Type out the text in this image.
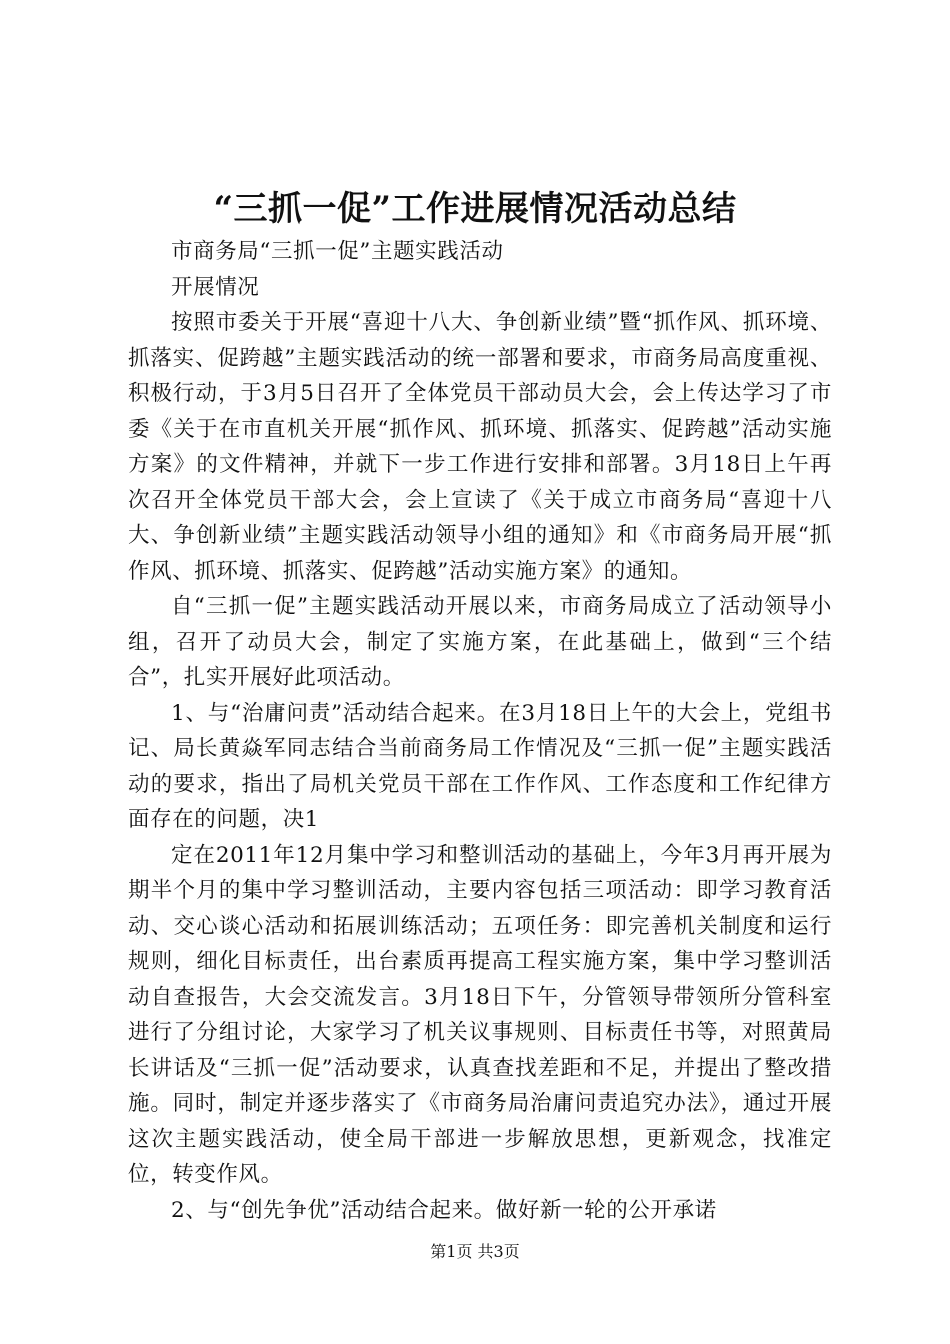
“三抓一促”工作进展情况活动总结

市商务局“三抓一促”主题实践活动

开展情况

按照市委关于开展“喜迎十八大、争创新业绩”暨“抓作风、抓环境、抓落实、促跨越”主题实践活动的统一部署和要求，市商务局高度重视、积极行动，于3月5日召开了全体党员干部动员大会，会上传达学习了市委《关于在市直机关开展“抓作风、抓环境、抓落实、促跨越”活动实施方案》的文件精神，并就下一步工作进行安排和部署。3月18日上午再次召开全体党员干部大会，会上宣读了《关于成立市商务局“喜迎十八大、争创新业绩”主题实践活动领导小组的通知》和《市商务局开展“抓作风、抓环境、抓落实、促跨越”活动实施方案》的通知。

自“三抓一促”主题实践活动开展以来，市商务局成立了活动领导小组，召开了动员大会，制定了实施方案，在此基础上，做到“三个结合”，扎实开展好此项活动。

1、与“治庸问责”活动结合起来。在3月18日上午的大会上，党组书记、局长黄焱军同志结合当前商务局工作情况及“三抓一促”主题实践活动的要求，指出了局机关党员干部在工作作风、工作态度和工作纪律方面存在的问题，决1

定在2011年12月集中学习和整训活动的基础上，今年3月再开展为期半个月的集中学习整训活动，主要内容包括三项活动：即学习教育活动、交心谈心活动和拓展训练活动；五项任务：即完善机关制度和运行规则，细化目标责任，出台素质再提高工程实施方案，集中学习整训活动自查报告，大会交流发言。3月18日下午，分管领导带领所分管科室进行了分组讨论，大家学习了机关议事规则、目标责任书等，对照黄局长讲话及“三抓一促”活动要求，认真查找差距和不足，并提出了整改措施。同时，制定并逐步落实了《市商务局治庸问责追究办法》，通过开展这次主题实践活动，使全局干部进一步解放思想，更新观念，找准定位，转变作风。

2、与“创先争优”活动结合起来。做好新一轮的公开承诺

第1页 共3页
